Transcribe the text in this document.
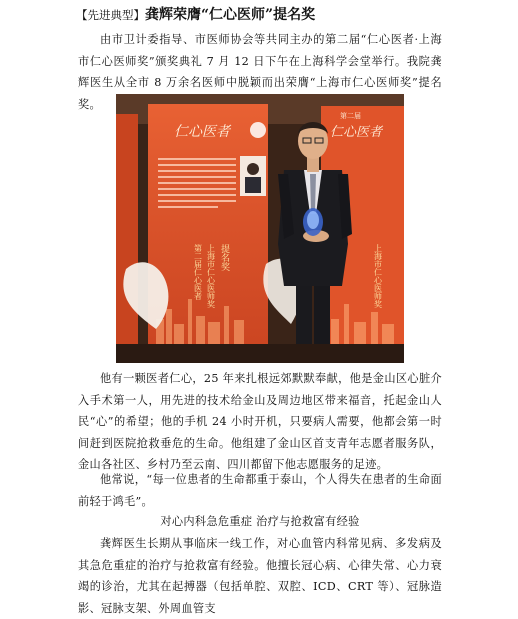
【先进典型】龚辉荣膺“仁心医师”提名奖
由市卫计委指导、市医师协会等共同主办的第二届“仁心医者·上海市仁心医师奖”颁奖典礼 7 月 12 日下午在上海科学会堂举行。我院龚辉医生从全市 8 万余名医师中脱颖而出荣膺“上海市仁心医师奖”提名奖。
仁心医者
提名奖
上海市仁心医师奖
第二届仁心医者
第二届
仁心医者
上海市仁心医师奖
他有一颗医者仁心，25 年来扎根远郊默默奉献，他是金山区心脏介入手术第一人，用先进的技术给金山及周边地区带来福音，托起金山人民“心”的希望；他的手机 24 小时开机，只要病人需要，他都会第一时间赶到医院抢救垂危的生命。他组建了金山区首支青年志愿者服务队，金山各社区、乡村乃至云南、四川都留下他志愿服务的足迹。
他常说，“每一位患者的生命都重于泰山，个人得失在患者的生命面前轻于鸿毛”。
对心内科急危重症 治疗与抢救富有经验
龚辉医生长期从事临床一线工作，对心血管内科常见病、多发病及其急危重症的治疗与抢救富有经验。他擅长冠心病、心律失常、心力衰竭的诊治，尤其在起搏器（包括单腔、双腔、ICD、CRT 等）、冠脉造影、冠脉支架、外周血管支
